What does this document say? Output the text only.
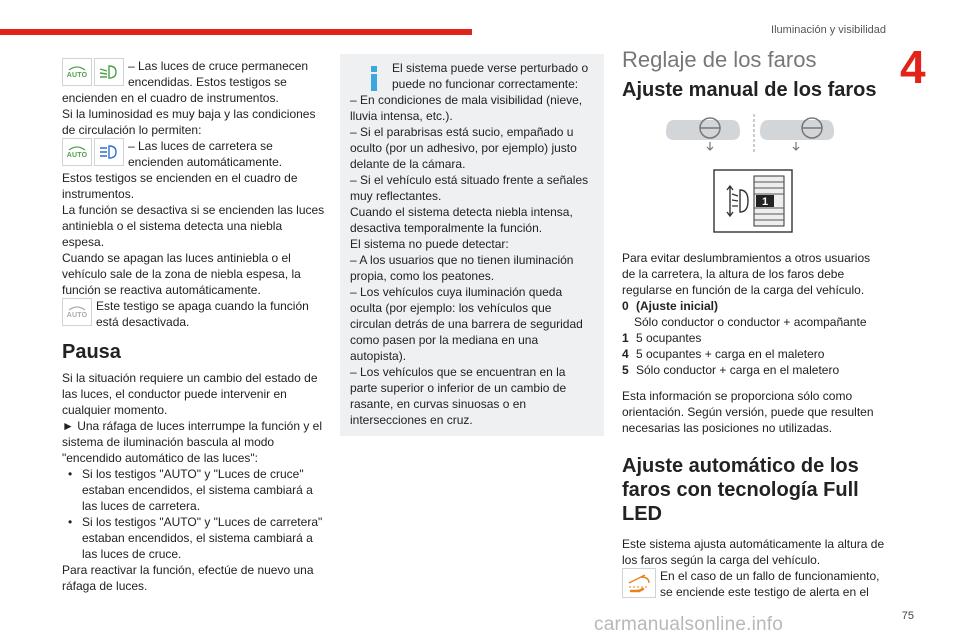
Iluminación y visibilidad
4
AUTO
– Las luces de cruce permanecen encendidas. Estos testigos se

encienden en el cuadro de instrumentos.

Si la luminosidad es muy baja y las condiciones de circulación lo permiten:

AUTO
– Las luces de carretera se encienden automáticamente.

Estos testigos se encienden en el cuadro de instrumentos.

La función se desactiva si se encienden las luces antiniebla o el sistema detecta una niebla espesa.

Cuando se apagan las luces antiniebla o el vehículo sale de la zona de niebla espesa, la función se reactiva automáticamente.

AUTO
Este testigo se apaga cuando la función está desactivada.
Pausa

Si la situación requiere un cambio del estado de las luces, el conductor puede intervenir en cualquier momento.

► Una ráfaga de luces interrumpe la función y el sistema de iluminación bascula al modo "encendido automático de las luces":

• Si los testigos "AUTO" y "Luces de cruce" estaban encendidos, el sistema cambiará a las luces de carretera.
• Si los testigos "AUTO" y "Luces de carretera" estaban encendidos, el sistema cambiará a las luces de cruce.

Para reactivar la función, efectúe de nuevo una ráfaga de luces.

El sistema puede verse perturbado o puede no funcionar correctamente:

– En condiciones de mala visibilidad (nieve, lluvia intensa, etc.).

– Si el parabrisas está sucio, empañado u oculto (por un adhesivo, por ejemplo) justo delante de la cámara.

– Si el vehículo está situado frente a señales muy reflectantes.

Cuando el sistema detecta niebla intensa, desactiva temporalmente la función.

El sistema no puede detectar:

– A los usuarios que no tienen iluminación propia, como los peatones.

– Los vehículos cuya iluminación queda oculta (por ejemplo: los vehículos que circulan detrás de una barrera de seguridad como pasen por la mediana en una autopista).

– Los vehículos que se encuentran en la parte superior o inferior de un cambio de rasante, en curvas sinuosas o en intersecciones en cruz.

Reglaje de los faros
Ajuste manual de los faros
1

Para evitar deslumbramientos a otros usuarios de la carretera, la altura de los faros debe regularse en función de la carga del vehículo.

0 (Ajuste inicial)
Sólo conductor o conductor + acompañante
1 5 ocupantes
4 5 ocupantes + carga en el maletero
5 Sólo conductor + carga en el maletero

Esta información se proporciona sólo como orientación. Según versión, puede que resulten necesarias las posiciones no utilizadas.

Ajuste automático de los faros con tecnología Full LED

Este sistema ajusta automáticamente la altura de los faros según la carga del vehículo.

En el caso de un fallo de funcionamiento, se enciende este testigo de alerta en el
75
carmanualsonline.info
